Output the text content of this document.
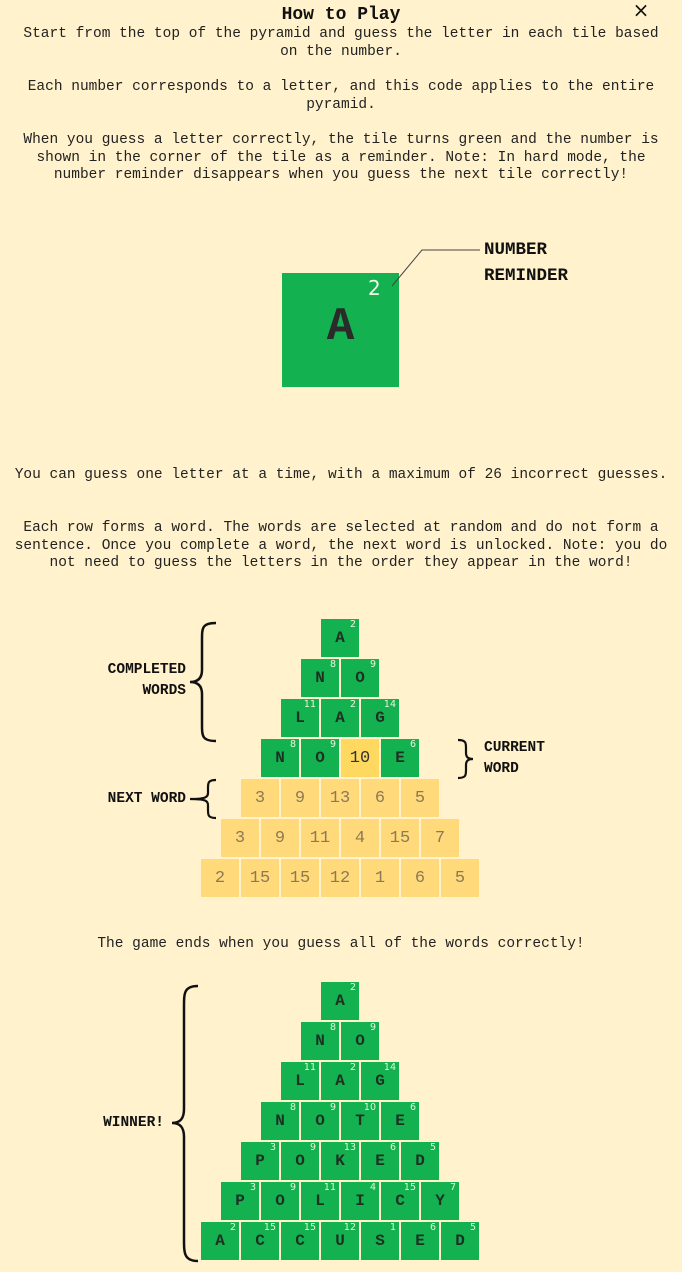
How to Play	×
Start from the top of the pyramid and guess the letter in each tile based on the number.
Each number corresponds to a letter, and this code applies to the entire pyramid.
When you guess a letter correctly, the tile turns green and the number is shown in the corner of the tile as a reminder. Note: In hard mode, the number reminder disappears when you guess the next tile correctly!
A
2
NUMBER
REMINDER
You can guess one letter at a time, with a maximum of 26 incorrect guesses.
Each row forms a word. The words are selected at random and do not form a sentence. Once you complete a word, the next word is unlocked. Note: you do not need to guess the letters in the order they appear in the word!
A
2
N
8
O
9
L
11
A
2
G
14
N
8
O
9
10 E
6
3 9 13 6 5
3 9 11 4 15 7
2 15 15 12 1 6 5
COMPLETED
WORDS
CURRENT
WORD
NEXT WORD
The game ends when you guess all of the words correctly!
A
2
N
8
O
9
L
11
A
2
G
14
N
8
O
9
T
10
E
6
P
3
O
9
K
13
E
6
D
5
P
3
O
9
L
11
I
4
C
15
Y
7
A
2
C
15
C
15
U
12
S
1
E
6
D
5
WINNER!
